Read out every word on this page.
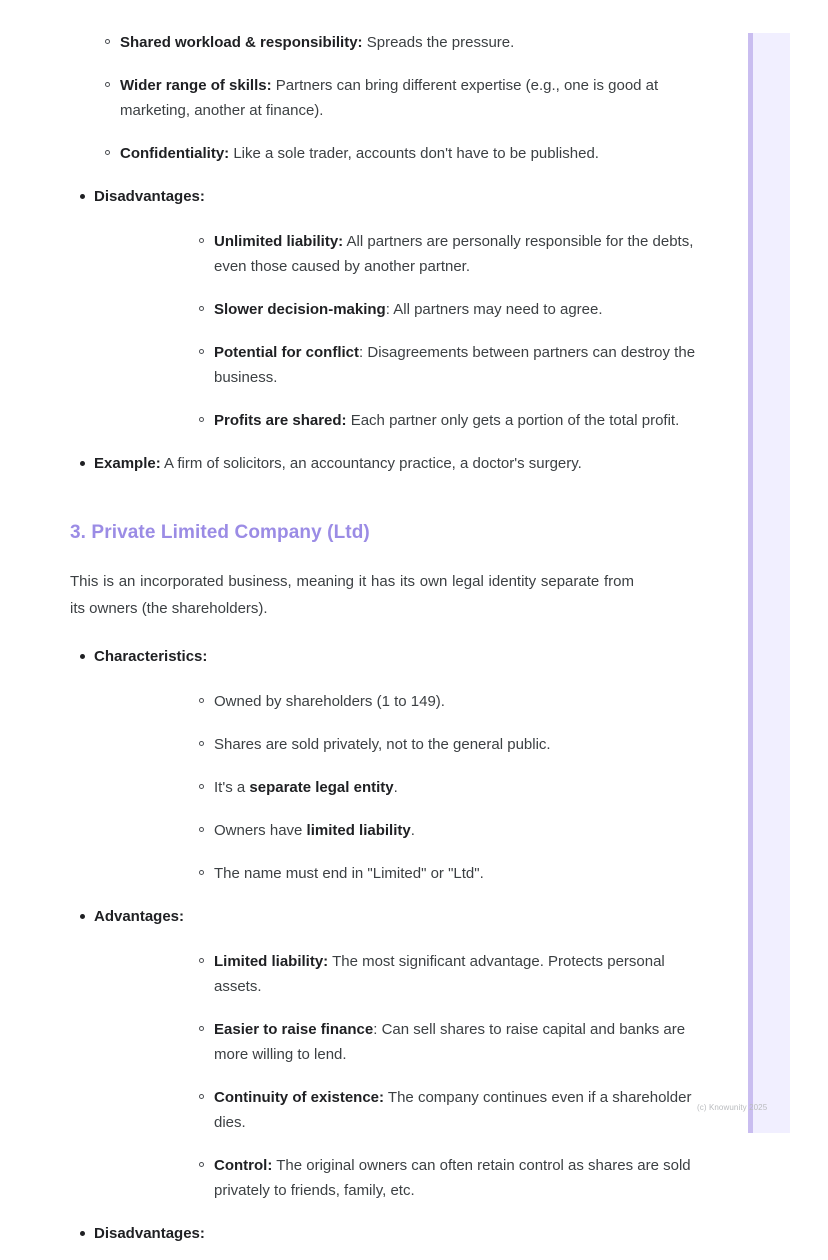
Shared workload & responsibility: Spreads the pressure.
Wider range of skills: Partners can bring different expertise (e.g., one is good at marketing, another at finance).
Confidentiality: Like a sole trader, accounts don't have to be published.
Disadvantages:
Unlimited liability: All partners are personally responsible for the debts, even those caused by another partner.
Slower decision-making: All partners may need to agree.
Potential for conflict: Disagreements between partners can destroy the business.
Profits are shared: Each partner only gets a portion of the total profit.
Example: A firm of solicitors, an accountancy practice, a doctor's surgery.
3. Private Limited Company (Ltd)

This is an incorporated business, meaning it has its own legal identity separate from its owners (the shareholders).

Characteristics:
Owned by shareholders (1 to 149).
Shares are sold privately, not to the general public.
It's a separate legal entity.
Owners have limited liability.
The name must end in "Limited" or "Ltd".
Advantages:
Limited liability: The most significant advantage. Protects personal assets.
Easier to raise finance: Can sell shares to raise capital and banks are more willing to lend.
Continuity of existence: The company continues even if a shareholder dies.
Control: The original owners can often retain control as shares are sold privately to friends, family, etc.
Disadvantages:
(c) Knowunity 2025
